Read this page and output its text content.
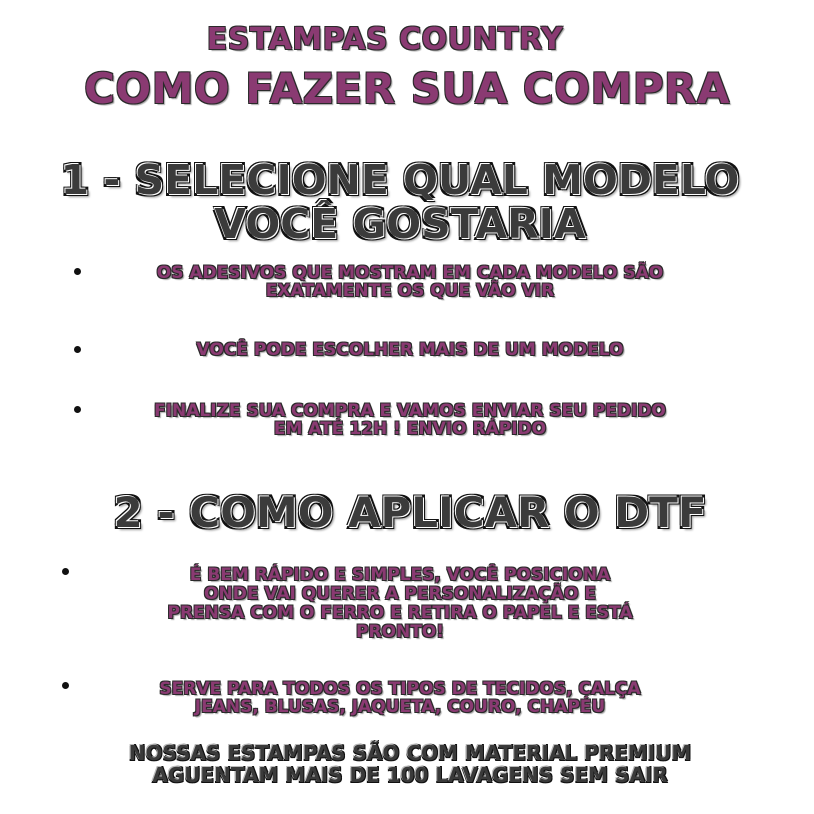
ESTAMPAS COUNTRY
COMO FAZER SUA COMPRA
1 - SELECIONE QUAL MODELO
VOCÊ GOSTARIA
OS ADESIVOS QUE MOSTRAM EM CADA MODELO SÃO
EXATAMENTE OS QUE VÃO VIR
VOCÊ PODE ESCOLHER MAIS DE UM MODELO
FINALIZE SUA COMPRA E VAMOS ENVIAR SEU PEDIDO
EM ATÉ 12H ! ENVIO RÁPIDO
2 - COMO APLICAR O DTF
É BEM RÁPIDO E SIMPLES, VOCÊ POSICIONA
ONDE VAI QUERER A PERSONALIZAÇÃO E
PRENSA COM O FERRO E RETIRA O PAPEL E ESTÁ
PRONTO!
SERVE PARA TODOS OS TIPOS DE TECIDOS, CALÇA
JEANS, BLUSAS, JAQUETA, COURO, CHAPÉU
NOSSAS ESTAMPAS SÃO COM MATERIAL PREMIUM
AGUENTAM MAIS DE 100 LAVAGENS SEM SAIR
